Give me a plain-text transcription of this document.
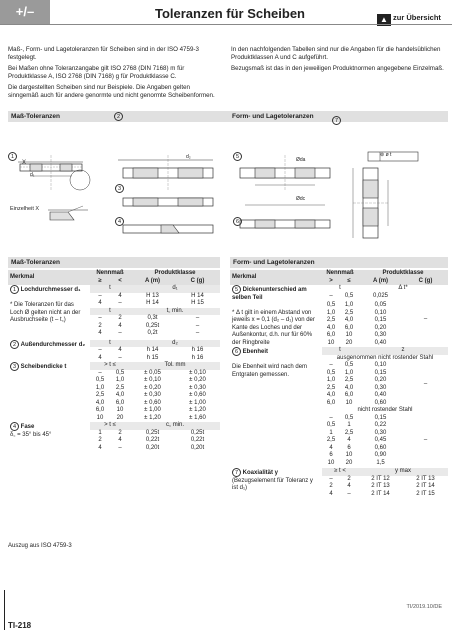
+/–	Toleranzen für Scheiben	▲ zur Übersicht

Maß-, Form- und Lagetoleranzen für Scheiben sind in der ISO 4759-3 festgelegt.

Bei Maßen ohne Toleranzangabe gilt ISO 2768 (DIN 7168) m für Produktklasse A, ISO 2768 (DIN 7168) g für Produktklasse C.

Die dargestellten Scheiben sind nur Beispiele. Die Angaben gelten sinngemäß auch für andere genormte und nicht genormte Scheibenformen.

In den nachfolgenden Tabellen sind nur die Angaben für die handelsüblichen Produktklassen A und C aufgeführt.

Bezugsmaß ist das in den jeweiligen Produktnormen angegebene Einzelmaß.

Maß-Toleranzen	2	Form- und Lagetoleranzen
7
1
X
d₁
Einzelheit X
3
4
d₂	5
6
Øda
Ødc
⊚ ø t
Maß-Toleranzen	Form- und Lagetoleranzen
Merkmal	Nennmaß		Produktklasse	
	≥	<	A (m)	C (g)
1 Lochdurchmesser d₁

* Die Toleranzen für das Loch Ø gelten nicht an der Ausbruchseite (t – t꜀)	t		d₁	
	–	4	H 13	H 14
	4	–	H 14	H 15
	t		t꜀ min.	
	–	2	0,3t	–
	2	4	0,25t	–
	4	–	0,2t	–

2 Außendurchmesser d₂	t		d₂	
	–	4	h 14	h 16
	4	–	h 15	h 16
3 Scheibendicke t	> t ≤		Tol. mm	
	–	0,5	± 0,05	± 0,10
	0,5	1,0	± 0,10	± 0,20
	1,0	2,5	± 0,20	± 0,30
	2,5	4,0	± 0,30	± 0,60
	4,0	6,0	± 0,60	± 1,00
	6,0	10	± 1,00	± 1,20
	10	20	± 1,20	± 1,60
4 Fase
δ꜀ = 35° bis 45°	> t ≤		c꜀ min.	
	1	2	0,25t	0,25t
	2	4	0,22t	0,22t
	4	–	0,20t	0,20t
Auszug aus ISO 4759-3
Merkmal	Nennmaß		Produktklasse	
	>	≤	A (m)	C (g)
5 Dickenunterschied am selben Teil

* Δ t gilt in einem Abstand von jeweils x = 0,1 (d₂ – d₁) von der Kante des Loches und der Außenkontur, d.h. nur für 60% der Ringbreite	t		Δ t*	
	–	0,5	0,025	–
	0,5	1,0	0,05	
	1,0	2,5	0,10	
	2,5	4,0	0,15	
	4,0	6,0	0,20	
	6,0	10	0,30	
	10	20	0,40	
6 Ebenheit

Die Ebenheit wird nach dem Entgraten gemessen.	t		z	
	ausgenommen nicht rostender Stahl			
	–	0,5	0,10	–
	0,5	1,0	0,15	
	1,0	2,5	0,20	
	2,5	4,0	0,30	
	4,0	6,0	0,40	
	6,0	10	0,60	
	nicht rostender Stahl			
	–	0,5	0,15	–
	0,5	1	0,22	
	1	2,5	0,30	
	2,5	4	0,45	
	4	6	0,60	
	6	10	0,90	
	10	20	1,5	

7 Koaxialität y
(Bezugselement für Toleranz y ist d₁)	≥ t <		y max	
	–	2	2 IT 12	2 IT 13
	2	4	2 IT 13	2 IT 14
	4	–	2 IT 14	2 IT 15
TI-218
TI/2019.10/DE
